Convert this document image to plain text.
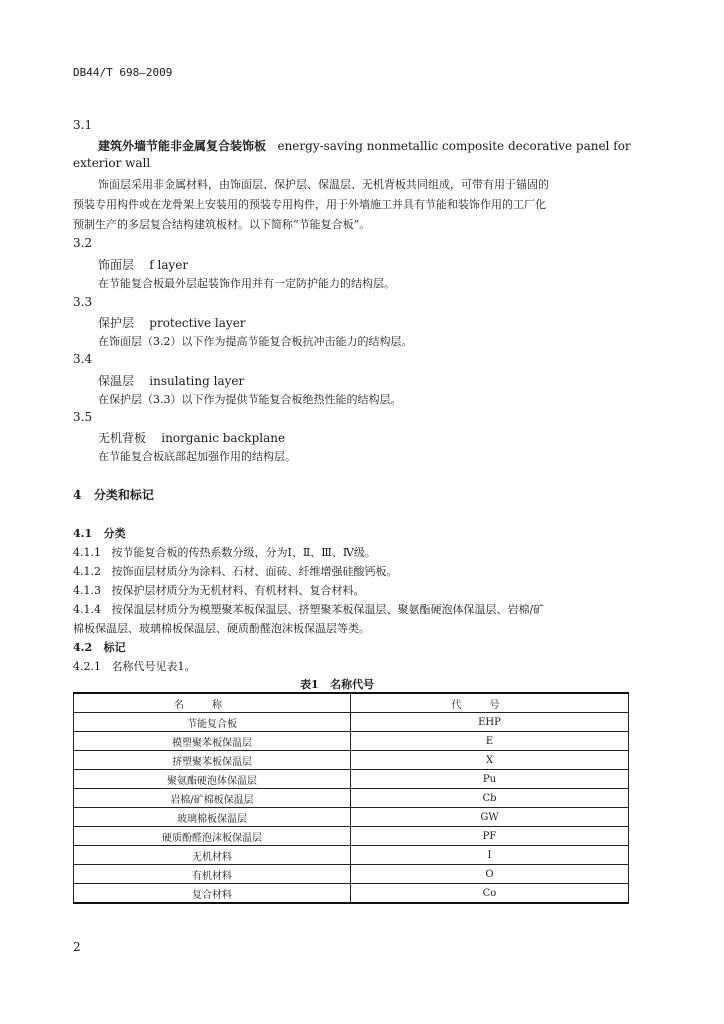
DB44/T 698—2009
3.1
建筑外墙节能非金属复合装饰板 energy-saving nonmetallic composite decorative panel for
exterior wall
饰面层采用非金属材料，由饰面层、保护层、保温层、无机背板共同组成，可带有用于锚固的
预装专用构件或在龙骨架上安装用的预装专用构件，用于外墙施工并具有节能和装饰作用的工厂化
预制生产的多层复合结构建筑板材。以下简称“节能复合板”。
3.2
饰面层 f layer
在节能复合板最外层起装饰作用并有一定防护能力的结构层。
3.3
保护层 protective layer
在饰面层（3.2）以下作为提高节能复合板抗冲击能力的结构层。
3.4
保温层 insulating layer
在保护层（3.3）以下作为提供节能复合板绝热性能的结构层。
3.5
无机背板 inorganic backplane
在节能复合板底部起加强作用的结构层。
4   分类和标记
4.1   分类
4.1.1   按节能复合板的传热系数分级，分为Ⅰ、Ⅱ、Ⅲ、Ⅳ级。
4.1.2   按饰面层材质分为涂料、石材、面砖、纤维增强硅酸钙板。
4.1.3   按保护层材质分为无机材料、有机材料、复合材料。
4.1.4   按保温层材质分为模塑聚苯板保温层、挤塑聚苯板保温层、聚氨酯硬泡体保温层、岩棉/矿
棉板保温层、玻璃棉板保温层、硬质酚醛泡沫板保温层等类。
4.2   标记
4.2.1   名称代号见表1。
表1   名称代号
名称	代号
节能复合板	EHP
模塑聚苯板保温层	E
挤塑聚苯板保温层	X
聚氨酯硬泡体保温层	Pu
岩棉/矿棉板保温层	Cb
玻璃棉板保温层	GW
硬质酚醛泡沫板保温层	PF
无机材料	I
有机材料	O
复合材料	Co
2
